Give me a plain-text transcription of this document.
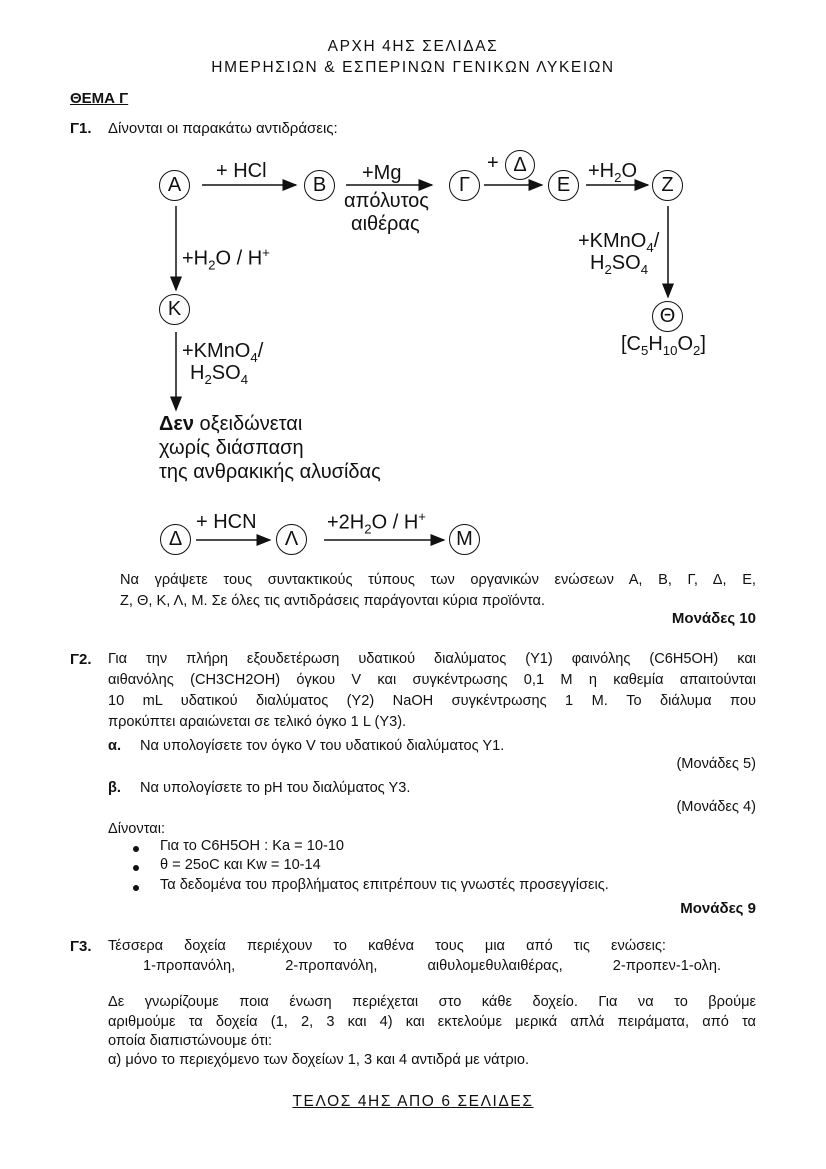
ΑΡΧΗ 4ΗΣ ΣΕΛΙΔΑΣ
ΗΜΕΡΗΣΙΩΝ & ΕΣΠΕΡΙΝΩΝ ΓΕΝΙΚΩΝ ΛΥΚΕΙΩΝ
ΘΕΜΑ Γ
Γ1. Δίνονται οι παρακάτω αντιδράσεις:
Α	Β	Γ	Ε	Ζ
Κ	Θ
Δ
Δ	Λ	Μ
+ HCl	+Mg
απόλυτος
αιθέρας
+	$+H_2O$
$+H_2O / H^+$
+KMnO$_4$/
$H_2SO_4$
$[C_5H_{10}O_2]$
+KMnO$_4$/
$H_2SO_4$
Δεν οξειδώνεται
χωρίς διάσπαση
της ανθρακικής αλυσίδας
+ HCN	$+2H_2O / H^+$
Να γράψετε τους συντακτικούς τύπους των οργανικών ενώσεων Α, Β, Γ, Δ, Ε,
Ζ, Θ, Κ, Λ, Μ. Σε όλες τις αντιδράσεις παράγονται κύρια προϊόντα.
Μονάδες 10
Γ2. Για την πλήρη εξουδετέρωση υδατικού διαλύματος (Υ1) φαινόλης (C6H5OH) και
αιθανόλης (CH3CH2OH) όγκου V και συγκέντρωσης 0,1 M η καθεμία απαιτούνται
10 mL υδατικού διαλύματος (Υ2) NaOH συγκέντρωσης 1 M. Το διάλυμα που
προκύπτει αραιώνεται σε τελικό όγκο 1 L (Υ3).
α. Να υπολογίσετε τον όγκο V του υδατικού διαλύματος Υ1.
(Μονάδες 5)
β. Να υπολογίσετε το pH του διαλύματος Υ3.
(Μονάδες 4)
Δίνονται:
Για το C6H5OH : Ka = 10-10
θ = 25oC και Kw = 10-14
Τα δεδομένα του προβλήματος επιτρέπουν τις γνωστές προσεγγίσεις.
Μονάδες 9
Γ3. Τέσσερα δοχεία περιέχουν το καθένα τους μια από τις ενώσεις:
1-προπανόλη, 2-προπανόλη, αιθυλομεθυλαιθέρας, 2-προπεν-1-ολη.
Δε γνωρίζουμε ποια ένωση περιέχεται στο κάθε δοχείο. Για να το βρούμε
αριθμούμε τα δοχεία (1, 2, 3 και 4) και εκτελούμε μερικά απλά πειράματα, από τα
οποία διαπιστώνουμε ότι:
α) μόνο το περιεχόμενο των δοχείων 1, 3 και 4 αντιδρά με νάτριο.
ΤΕΛΟΣ 4ΗΣ ΑΠΟ 6 ΣΕΛΙΔΕΣ
